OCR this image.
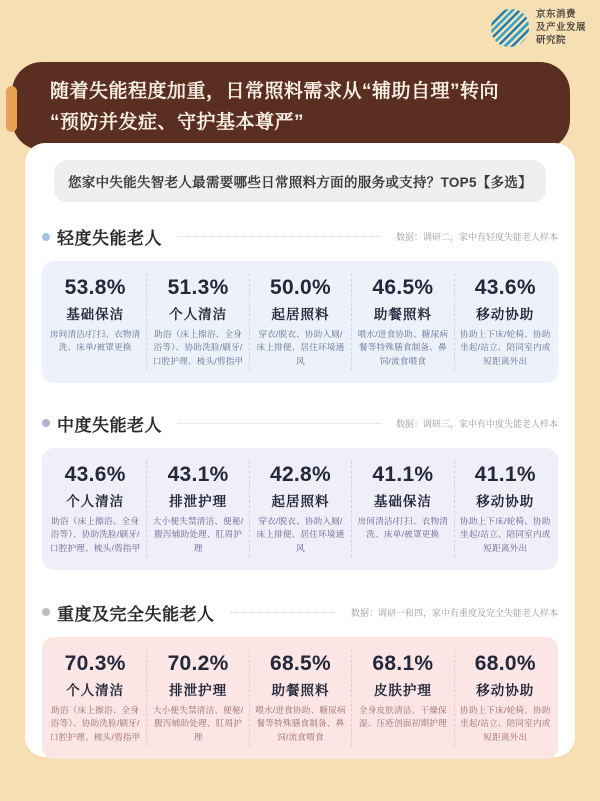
京东消费
及产业发展
研究院
随着失能程度加重，日常照料需求从“辅助自理”转向
“预防并发症、守护基本尊严”
您家中失能失智老人最需要哪些日常照料方面的服务或支持？TOP5【多选】
轻度失能老人	数据：调研二，家中有轻度失能老人样本
53.8%
基础保洁
房间清洁/打扫、衣物清洗、床单/被罩更换
51.3%
个人清洁
助浴（床上擦浴、全身浴等）、协助洗脸/刷牙/口腔护理、梳头/剪指甲
50.0%
起居照料
穿衣/脱衣、协助入厕/床上排便、居住环境通风
46.5%
助餐照料
喂水/进食协助、糖尿病餐等特殊膳食制备、鼻饲/流食喂食
43.6%
移动协助
协助上下床/轮椅、协助坐起/站立、陪同室内或短距离外出
中度失能老人	数据：调研三，家中有中度失能老人样本
43.6%
个人清洁
助浴（床上擦浴、全身浴等）、协助洗脸/刷牙/口腔护理、梳头/剪指甲
43.1%
排泄护理
大小便失禁清洁、便秘/腹泻辅助处理、肛周护理
42.8%
起居照料
穿衣/脱衣、协助入厕/床上排便、居住环境通风
41.1%
基础保洁
房间清洁/打扫、衣物清洗、床单/被罩更换
41.1%
移动协助
协助上下床/轮椅、协助坐起/站立、陪同室内或短距离外出
重度及完全失能老人	数据：调研一和四，家中有重度及完全失能老人样本
70.3%
个人清洁
助浴（床上擦浴、全身浴等）、协助洗脸/刷牙/口腔护理、梳头/剪指甲
70.2%
排泄护理
大小便失禁清洁、便秘/腹泻辅助处理、肛周护理
68.5%
助餐照料
喂水/进食协助、糖尿病餐等特殊膳食制备、鼻饲/流食喂食
68.1%
皮肤护理
全身皮肤清洁、干燥保湿、压疮创面初期护理
68.0%
移动协助
协助上下床/轮椅、协助坐起/站立、陪同室内或短距离外出
